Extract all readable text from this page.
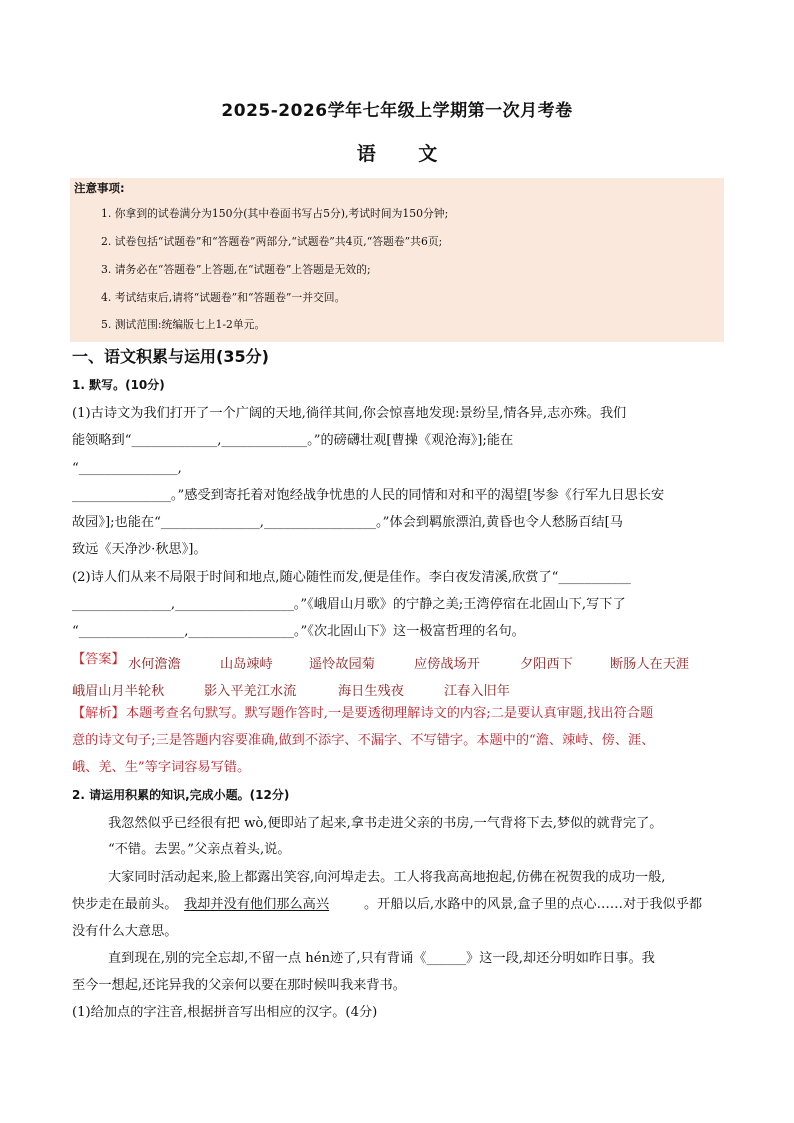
2025-2026学年七年级上学期第一次月考卷
语 文
注意事项:
1. 你拿到的试卷满分为150分(其中卷面书写占5分),考试时间为150分钟;
2. 试卷包括“试题卷”和“答题卷”两部分,“试题卷”共4页,“答题卷”共6页;
3. 请务必在“答题卷”上答题,在“试题卷”上答题是无效的;
4. 考试结束后,请将“试题卷”和“答题卷”一并交回。
5. 测试范围:统编版七上1-2单元。
一、语文积累与运用(35分)
1. 默写。(10分)
(1)古诗文为我们打开了一个广阔的天地,徜徉其间,你会惊喜地发现:景纷呈,情各异,志亦殊。我们
能领略到“_____________,_____________。”的磅礴壮观[曹操《观沧海》];能在
“_______________,
_______________。”感受到寄托着对饱经战争忧患的人民的同情和对和平的渴望[岑参《行军九日思长安
故园》];也能在“_______________,_________________。”体会到羁旅漂泊,黄昏也令人愁肠百结[马
致远《天净沙·秋思》]。
(2)诗人们从来不局限于时间和地点,随心随性而发,便是佳作。李白夜发清溪,欣赏了“___________
_______________,__________________。”《峨眉山月歌》的宁静之美;王湾停宿在北固山下,写下了
“________________,________________。”《次北固山下》这一极富哲理的名句。
【答案】 水何澹澹	山岛竦峙	遥怜故园菊	应傍战场开	夕阳西下	断肠人在天涯
峨眉山月半轮秋	影入平羌江水流	海日生残夜	江春入旧年
【解析】 本题考查名句默写。默写题作答时,一是要透彻理解诗文的内容;二是要认真审题,找出符合题
意的诗文句子;三是答题内容要准确,做到不添字、不漏字、不写错字。本题中的“澹、竦峙、傍、涯、
峨、羌、生”等字词容易写错。
2. 请运用积累的知识,完成小题。(12分)
我忽然似乎已经很有把 wò,便即站了起来,拿书走进父亲的书房,一气背将下去,梦似的就背完了。
“不错。去罢。”父亲点着头,说。
大家同时活动起来,脸上都露出笑容,向河埠走去。工人将我高高地抱起,仿佛在祝贺我的成功一般,
快步走在最前头。 我却并没有他们那么高兴	。开船以后,水路中的风景,盒子里的点心……对于我似乎都
没有什么大意思。
直到现在,别的完全忘却,不留一点 hén迹了,只有背诵《______》这一段,却还分明如昨日事。我
至今一想起,还诧异我的父亲何以要在那时候叫我来背书。
(1)给加点的字注音,根据拼音写出相应的汉字。(4分)
